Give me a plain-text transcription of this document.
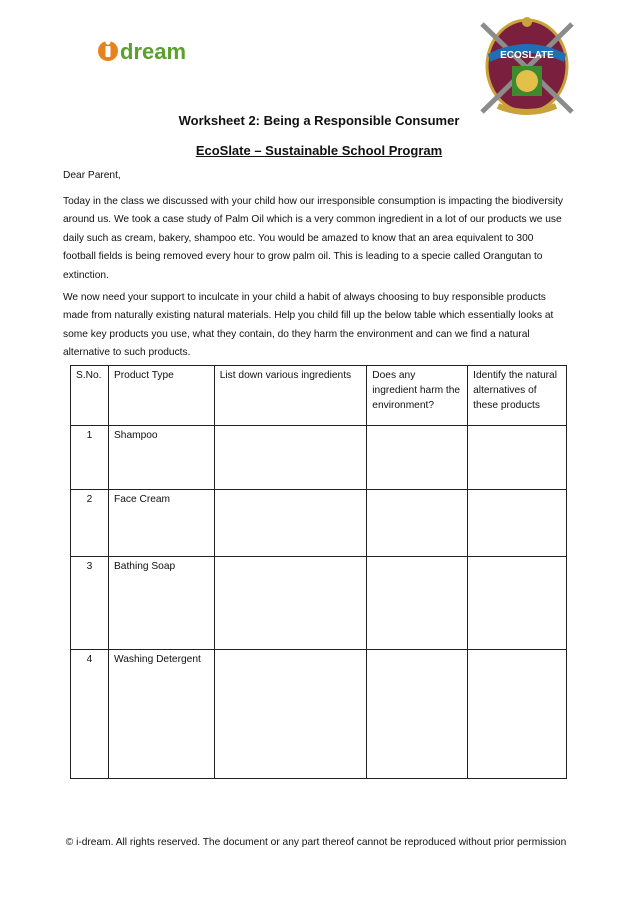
dream	ECOSLATE
Worksheet 2: Being a Responsible Consumer
EcoSlate – Sustainable School Program
Dear Parent,

Today in the class we discussed with your child how our irresponsible consumption is impacting the biodiversity around us. We took a case study of Palm Oil which is a very common ingredient in a lot of our products we use daily such as cream, bakery, shampoo etc. You would be amazed to know that an area equivalent to 300 football fields is being removed every hour to grow palm oil. This is leading to a specie called Orangutan to extinction.

We now need your support to inculcate in your child a habit of always choosing to buy responsible products made from naturally existing natural materials. Help you child fill up the below table which essentially looks at some key products you use, what they contain, do they harm the environment and can we find a natural alternative to such products.

S.No.	Product Type	List down various ingredients	Does any ingredient harm the environment?	Identify the natural alternatives of these products
1	Shampoo			
2	Face Cream			
3	Bathing Soap			
4	Washing Detergent			
© i-dream. All rights reserved. The document or any part thereof cannot be reproduced without prior permission
